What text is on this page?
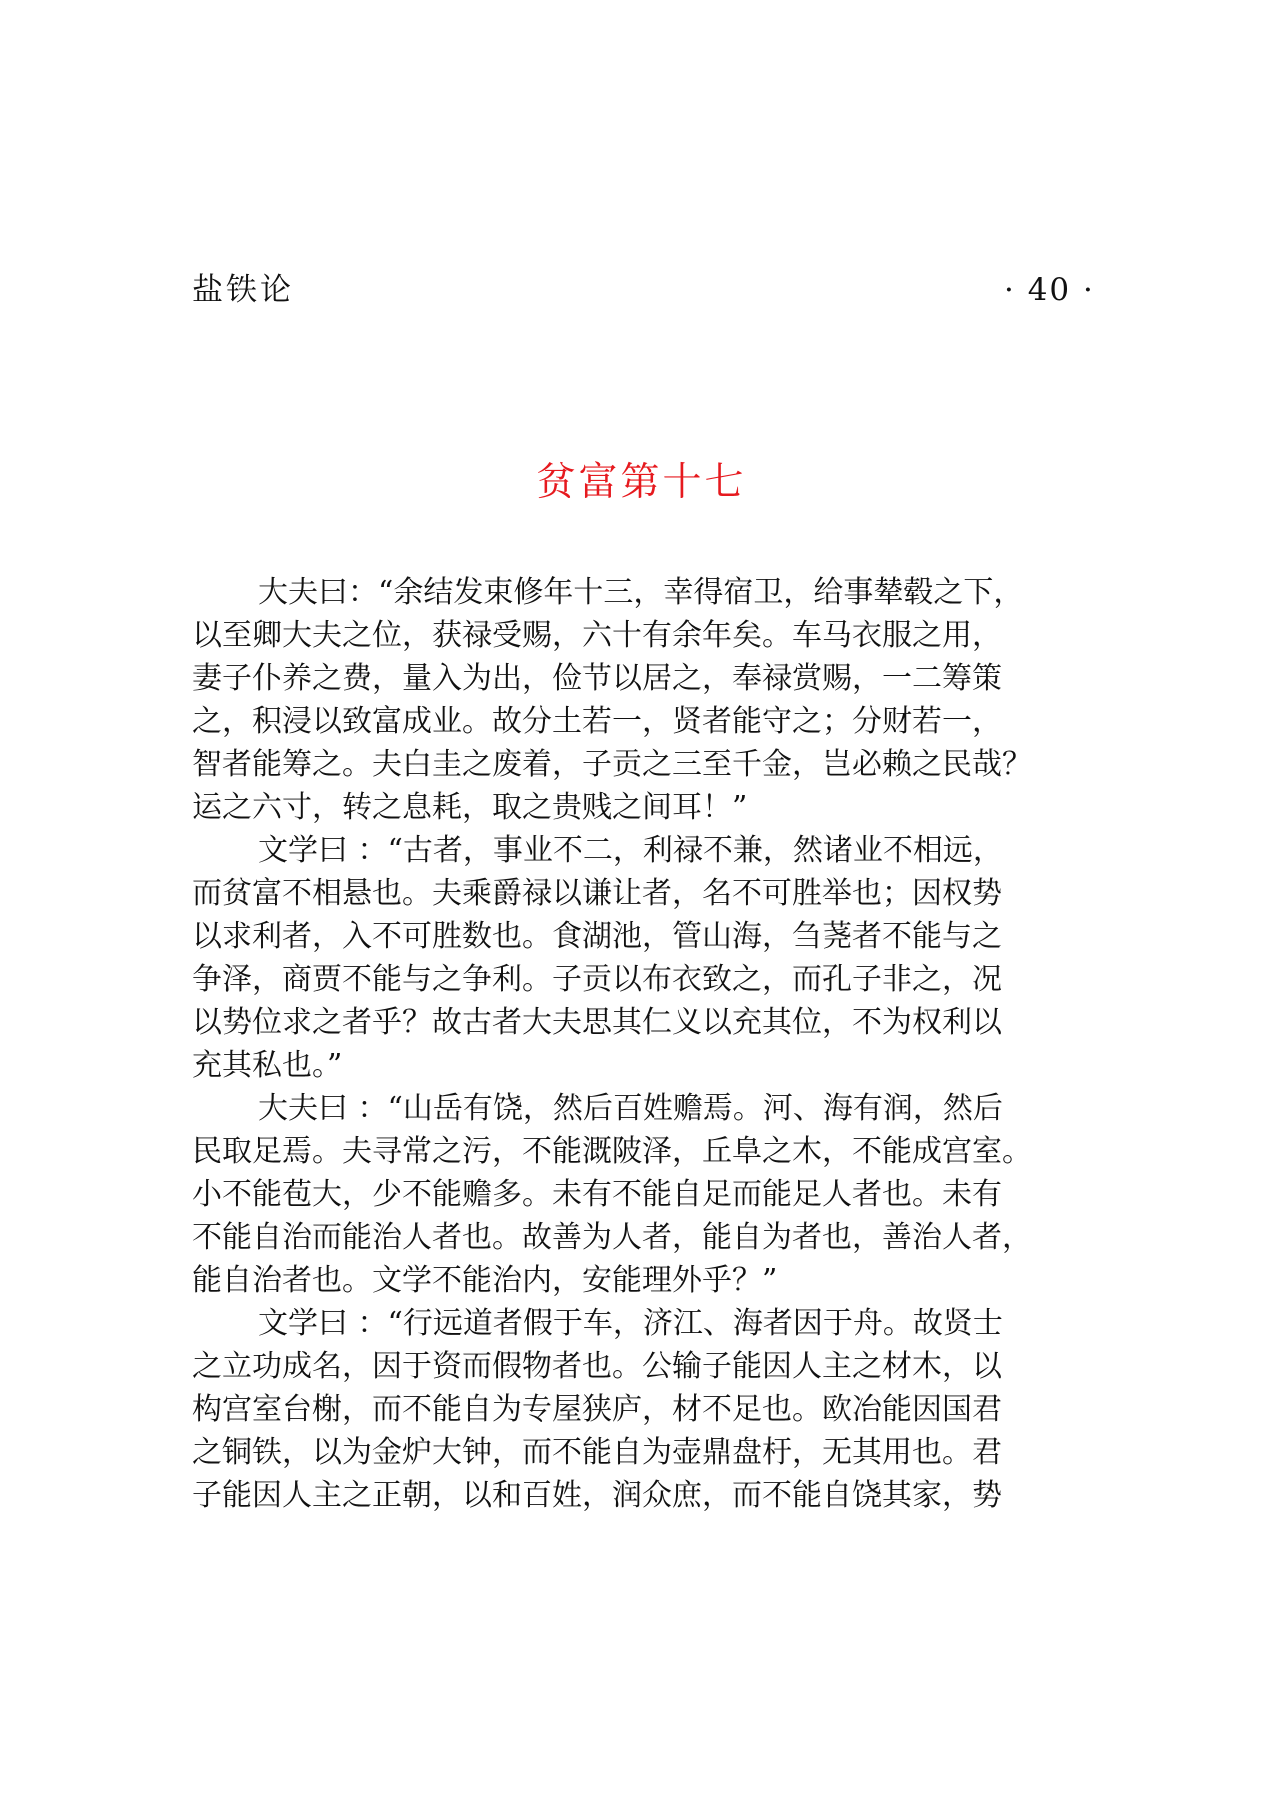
盐铁论	· 40 ·
贫富第十七
大夫曰：“余结发束修年十三，幸得宿卫，给事辇毂之下，
以至卿大夫之位，获禄受赐，六十有余年矣。车马衣服之用，
妻子仆养之费，量入为出，俭节以居之，奉禄赏赐，一二筹策
之，积浸以致富成业。故分土若一，贤者能守之；分财若一，
智者能筹之。夫白圭之废着，子贡之三至千金，岂必赖之民哉？
运之六寸，转之息耗，取之贵贱之间耳！”
文学曰 ：“古者，事业不二，利禄不兼，然诸业不相远，
而贫富不相悬也。夫乘爵禄以谦让者，名不可胜举也；因权势
以求利者，入不可胜数也。食湖池，管山海，刍荛者不能与之
争泽，商贾不能与之争利。子贡以布衣致之，而孔子非之，况
以势位求之者乎？故古者大夫思其仁义以充其位，不为权利以
充其私也。”
大夫曰 ：“山岳有饶，然后百姓赡焉。河、海有润，然后
民取足焉。夫寻常之污，不能溉陂泽，丘阜之木，不能成宫室。
小不能苞大，少不能赡多。未有不能自足而能足人者也。未有
不能自治而能治人者也。故善为人者，能自为者也，善治人者，
能自治者也。文学不能治内，安能理外乎？”
文学曰 ：“行远道者假于车，济江、海者因于舟。故贤士
之立功成名，因于资而假物者也。公输子能因人主之材木，以
构宫室台榭，而不能自为专屋狭庐，材不足也。欧冶能因国君
之铜铁，以为金炉大钟，而不能自为壶鼎盘杅，无其用也。君
子能因人主之正朝，以和百姓，润众庶，而不能自饶其家，势
